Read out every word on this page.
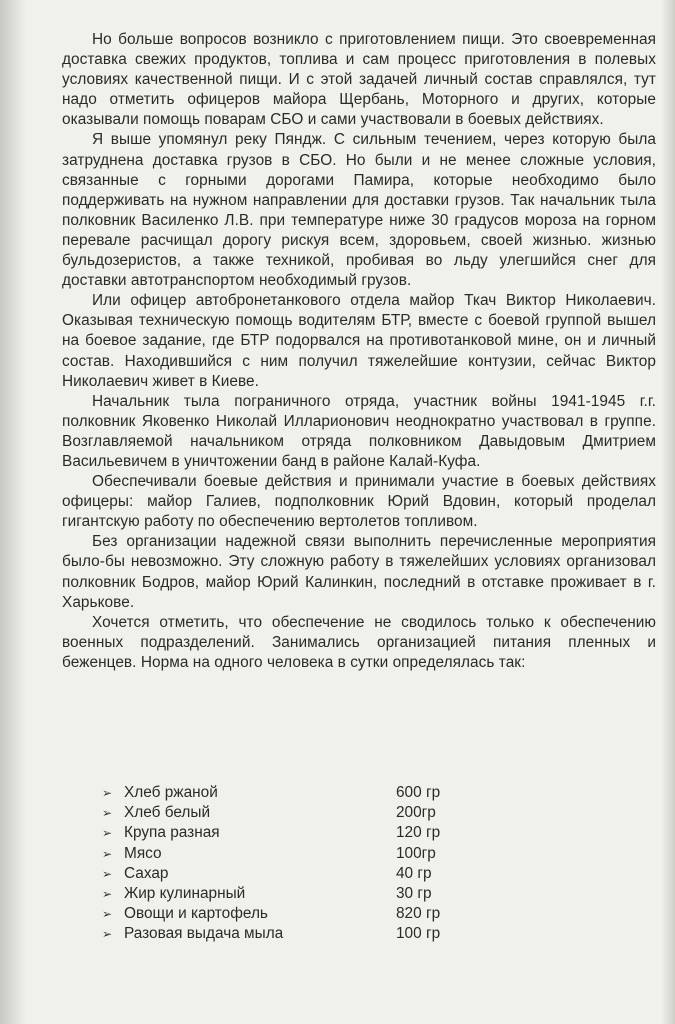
Но больше вопросов возникло с приготовлением пищи. Это своевременная доставка свежих продуктов, топлива и сам процесс приготовления в полевых условиях качественной пищи. И с этой задачей личный состав справлялся, тут надо отметить офицеров майора Щербань, Моторного и других, которые оказывали помощь поварам СБО и сами участвовали в боевых действиях.

Я выше упомянул реку Пяндж. С сильным течением, через которую была затруднена доставка грузов в СБО. Но были и не менее сложные условия, связанные с горными дорогами Памира, которые необходимо было поддерживать на нужном направлении для доставки грузов. Так начальник тыла полковник Василенко Л.В. при температуре ниже 30 градусов мороза на горном перевале расчищал дорогу рискуя всем, здоровьем, своей жизнью. жизнью бульдозеристов, а также техникой, пробивая во льду улегшийся снег для доставки автотранспортом необходимый грузов.

Или офицер автобронетанкового отдела майор Ткач Виктор Николаевич. Оказывая техническую помощь водителям БТР, вместе с боевой группой вышел на боевое задание, где БТР подорвался на противотанковой мине, он и личный состав. Находившийся с ним получил тяжелейшие контузии, сейчас Виктор Николаевич живет в Киеве.

Начальник тыла пограничного отряда, участник войны 1941-1945 г.г. полковник Яковенко Николай Илларионович неоднократно участвовал в группе. Возглавляемой начальником отряда полковником Давыдовым Дмитрием Васильевичем в уничтожении банд в районе Калай-Куфа.

Обеспечивали боевые действия и принимали участие в боевых действиях офицеры: майор Галиев, подполковник Юрий Вдовин, который проделал гигантскую работу по обеспечению вертолетов топливом.

Без организации надежной связи выполнить перечисленные мероприятия было-бы невозможно. Эту сложную работу в тяжелейших условиях организовал полковник Бодров, майор Юрий Калинкин, последний в отставке проживает в г. Харькове.

Хочется отметить, что обеспечение не сводилось только к обеспечению военных подразделений. Занимались организацией питания пленных и беженцев. Норма на одного человека в сутки определялась так:

➢ Хлеб ржаной	600 гр
➢ Хлеб белый	200гр
➢ Крупа разная	120 гр
➢ Мясо	100гр
➢ Сахар	40 гр
➢ Жир кулинарный	30 гр
➢ Овощи и картофель	820 гр
➢ Разовая выдача мыла	100 гр
